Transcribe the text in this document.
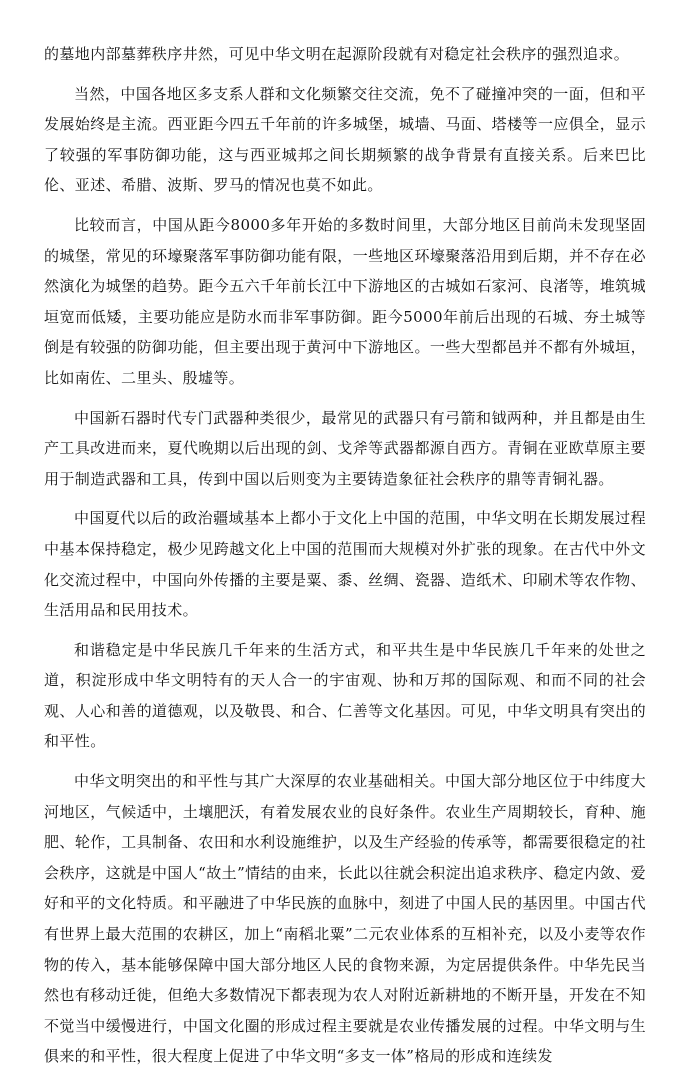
的墓地内部墓葬秩序井然，可见中华文明在起源阶段就有对稳定社会秩序的强烈追求。

当然，中国各地区多支系人群和文化频繁交往交流，免不了碰撞冲突的一面，但和平发展始终是主流。西亚距今四五千年前的许多城堡，城墙、马面、塔楼等一应俱全，显示了较强的军事防御功能，这与西亚城邦之间长期频繁的战争背景有直接关系。后来巴比伦、亚述、希腊、波斯、罗马的情况也莫不如此。

比较而言，中国从距今8000多年开始的多数时间里，大部分地区目前尚未发现坚固的城堡，常见的环壕聚落军事防御功能有限，一些地区环壕聚落沿用到后期，并不存在必然演化为城堡的趋势。距今五六千年前长江中下游地区的古城如石家河、良渚等，堆筑城垣宽而低矮，主要功能应是防水而非军事防御。距今5000年前后出现的石城、夯土城等倒是有较强的防御功能，但主要出现于黄河中下游地区。一些大型都邑并不都有外城垣，比如南佐、二里头、殷墟等。

中国新石器时代专门武器种类很少，最常见的武器只有弓箭和钺两种，并且都是由生产工具改进而来，夏代晚期以后出现的剑、戈斧等武器都源自西方。青铜在亚欧草原主要用于制造武器和工具，传到中国以后则变为主要铸造象征社会秩序的鼎等青铜礼器。

中国夏代以后的政治疆域基本上都小于文化上中国的范围，中华文明在长期发展过程中基本保持稳定，极少见跨越文化上中国的范围而大规模对外扩张的现象。在古代中外文化交流过程中，中国向外传播的主要是粟、黍、丝绸、瓷器、造纸术、印刷术等农作物、生活用品和民用技术。

和谐稳定是中华民族几千年来的生活方式，和平共生是中华民族几千年来的处世之道，积淀形成中华文明特有的天人合一的宇宙观、协和万邦的国际观、和而不同的社会观、人心和善的道德观，以及敬畏、和合、仁善等文化基因。可见，中华文明具有突出的和平性。

中华文明突出的和平性与其广大深厚的农业基础相关。中国大部分地区位于中纬度大河地区，气候适中，土壤肥沃，有着发展农业的良好条件。农业生产周期较长，育种、施肥、轮作，工具制备、农田和水利设施维护，以及生产经验的传承等，都需要很稳定的社会秩序，这就是中国人“故土”情结的由来，长此以往就会积淀出追求秩序、稳定内敛、爱好和平的文化特质。和平融进了中华民族的血脉中，刻进了中国人民的基因里。中国古代有世界上最大范围的农耕区，加上“南稻北粟”二元农业体系的互相补充，以及小麦等农作物的传入，基本能够保障中国大部分地区人民的食物来源，为定居提供条件。中华先民当然也有移动迁徙，但绝大多数情况下都表现为农人对附近新耕地的不断开垦，开发在不知不觉当中缓慢进行，中国文化圈的形成过程主要就是农业传播发展的过程。中华文明与生俱来的和平性，很大程度上促进了中华文明“多支一体”格局的形成和连续发
